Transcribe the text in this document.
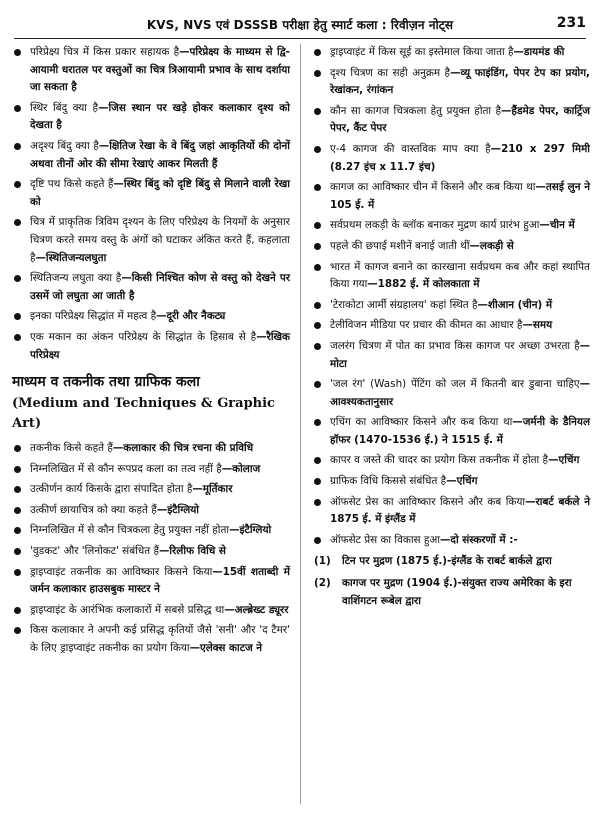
KVS, NVS एवं DSSSB परीक्षा हेतु स्मार्ट कला : रिवीज़न नोट्स	231
परिप्रेक्ष्य चित्र में किस प्रकार सहायक है—परिप्रेक्ष्य के माध्यम से द्वि-आयामी धरातल पर वस्तुओं का चित्र त्रिआयामी प्रभाव के साथ दर्शाया जा सकता है
स्थिर बिंदु क्या है—जिस स्थान पर खड़े होकर कलाकार दृश्य को देखता है
अदृश्य बिंदु क्या है—क्षितिज रेखा के वे बिंदु जहां आकृतियों की दोनों अथवा तीनों ओर की सीमा रेखाएं आकर मिलती हैं
दृष्टि पथ किसे कहते हैं—स्थिर बिंदु को दृष्टि बिंदु से मिलाने वाली रेखा को
चित्र में प्राकृतिक त्रिविम दृश्यन के लिए परिप्रेक्ष्य के नियमों के अनुसार चित्रण करते समय वस्तु के अंगों को घटाकर अंकित करते हैं, कहलाता है—स्थितिजन्यलघुता
स्थितिजन्य लघुता क्या है—किसी निश्चित कोण से वस्तु को देखने पर उसमें जो लघुता आ जाती है
इनका परिप्रेक्ष्य सिद्धांत में महत्व है—दूरी और नैकट्य
एक मकान का अंकन परिप्रेक्ष्य के सिद्धांत के हिसाब से है—रैखिक परिप्रेक्ष्य
माध्यम व तकनीक तथा ग्राफिक कला
(Medium and Techniques & Graphic Art)
तकनीक किसे कहते हैं—कलाकार की चित्र रचना की प्रविधि
निम्नलिखित में से कौन रूपप्रद कला का तत्व नहीं है—कोलाज
उत्कीर्णन कार्य किसके द्वारा संपादित होता है—मूर्तिकार
उत्कीर्ण छायाचित्र को क्या कहते हैं—इंटैग्लियो
निम्नलिखित में से कौन चित्रकला हेतु प्रयुक्त नहीं होता—इंटैग्लियो
'वुडकट' और 'लिनोकट' संबंधित हैं—रिलीफ विधि से
ड्राइप्वाइंट तकनीक का आविष्कार किसने किया—15वीं शताब्दी में जर्मन कलाकार हाउसबुक मास्टर ने
ड्राइप्वाइंट के आरंभिक कलाकारों में सबसे प्रसिद्ध था—अल्ब्रेख्ट ड्यूरर
किस कलाकार ने अपनी कई प्रसिद्ध कृतियों जैसे 'सनी' और 'द टैमर' के लिए ड्राइप्वाइंट तकनीक का प्रयोग किया—एलेक्स काटज ने
ड्राइप्वाइंट में किस सूई का इस्तेमाल किया जाता है—डायमंड की
दृश्य चित्रण का सही अनुक्रम है—व्यू फाइंडिंग, पेपर टेप का प्रयोग, रेखांकन, रंगांकन
कौन सा कागज चित्रकला हेतु प्रयुक्त होता है—हैंडमेड पेपर, कार्ट्रिज पेपर, कैंट पेपर
ए-4 कागज की वास्तविक माप क्या है—210 x 297 मिमी (8.27 इंच x 11.7 इंच)
कागज का आविष्कार चीन में किसने और कब किया था—तसई लुन ने 105 ई. में
सर्वप्रथम लकड़ी के ब्लॉक बनाकर मुद्रण कार्य प्रारंभ हुआ—चीन में
पहले की छपाई मशीनें बनाई जाती थीं—लकड़ी से
भारत में कागज बनाने का कारखाना सर्वप्रथम कब और कहां स्थापित किया गया—1882 ई. में कोलकाता में
'टेराकोटा आर्मी संग्रहालय' कहां स्थित है—शीआन (चीन) में
टेलीविजन मीडिया पर प्रचार की कीमत का आधार है—समय
जलरंग चित्रण में पोत का प्रभाव किस कागज पर अच्छा उभरता है—मोटा
'जल रंग' (Wash) पेंटिंग को जल में कितनी बार डुबाना चाहिए—आवश्यकतानुसार
एचिंग का आविष्कार किसने और कब किया था—जर्मनी के डैनियल हॉफर (1470-1536 ई.) ने 1515 ई. में
कापर व जस्ते की चादर का प्रयोग किस तकनीक में होता है—एचिंग
ग्राफिक विधि किससे संबंधित है—एचिंग
ऑफसेट प्रेस का आविष्कार किसने और कब किया—राबर्ट बर्कले ने 1875 ई. में इंग्लैंड में
ऑफसेट प्रेस का विकास हुआ—दो संस्करणों में :-
(1) टिन पर मुद्रण (1875 ई.)-इंग्लैंड के राबर्ट बार्कले द्वारा
(2) कागज पर मुद्रण (1904 ई.)-संयुक्त राज्य अमेरिका के इरा वाशिंगटन रूबेल द्वारा
